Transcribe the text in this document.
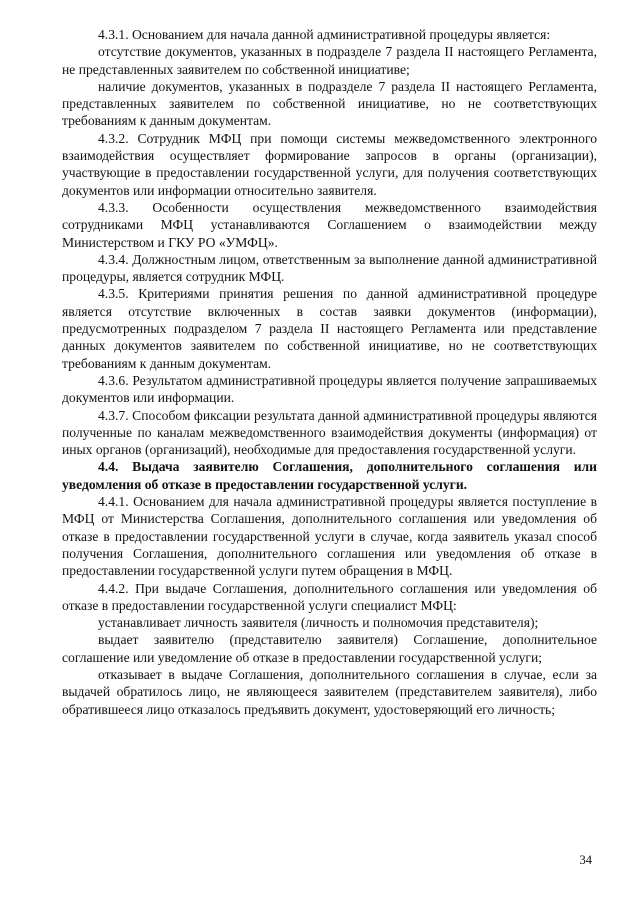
4.3.1. Основанием для начала данной административной процедуры является:

отсутствие документов, указанных в подразделе 7 раздела II настоящего Регламента, не представленных заявителем по собственной инициативе;

наличие документов, указанных в подразделе 7 раздела II настоящего Регламента, представленных заявителем по собственной инициативе, но не соответствующих требованиям к данным документам.

4.3.2. Сотрудник МФЦ при помощи системы межведомственного электронного взаимодействия осуществляет формирование запросов в органы (организации), участвующие в предоставлении государственной услуги, для получения соответствующих документов или информации относительно заявителя.

4.3.3. Особенности осуществления межведомственного взаимодействия сотрудниками МФЦ устанавливаются Соглашением о взаимодействии между Министерством и ГКУ РО «УМФЦ».

4.3.4. Должностным лицом, ответственным за выполнение данной административной процедуры, является сотрудник МФЦ.

4.3.5. Критериями принятия решения по данной административной процедуре является отсутствие включенных в состав заявки документов (информации), предусмотренных подразделом 7 раздела II настоящего Регламента или представление данных документов заявителем по собственной инициативе, но не соответствующих требованиям к данным документам.

4.3.6. Результатом административной процедуры является получение запрашиваемых документов или информации.

4.3.7. Способом фиксации результата данной административной процедуры являются полученные по каналам межведомственного взаимодействия документы (информация) от иных органов (организаций), необходимые для предоставления государственной услуги.

4.4. Выдача заявителю Соглашения, дополнительного соглашения или уведомления об отказе в предоставлении государственной услуги.

4.4.1. Основанием для начала административной процедуры является поступление в МФЦ от Министерства Соглашения, дополнительного соглашения или уведомления об отказе в предоставлении государственной услуги в случае, когда заявитель указал способ получения Соглашения, дополнительного соглашения или уведомления об отказе в предоставлении государственной услуги путем обращения в МФЦ.

4.4.2. При выдаче Соглашения, дополнительного соглашения или уведомления об отказе в предоставлении государственной услуги специалист МФЦ:

устанавливает личность заявителя (личность и полномочия представителя);

выдает заявителю (представителю заявителя) Соглашение, дополнительное соглашение или уведомление об отказе в предоставлении государственной услуги;

отказывает в выдаче Соглашения, дополнительного соглашения в случае, если за выдачей обратилось лицо, не являющееся заявителем (представителем заявителя), либо обратившееся лицо отказалось предъявить документ, удостоверяющий его личность;

34
